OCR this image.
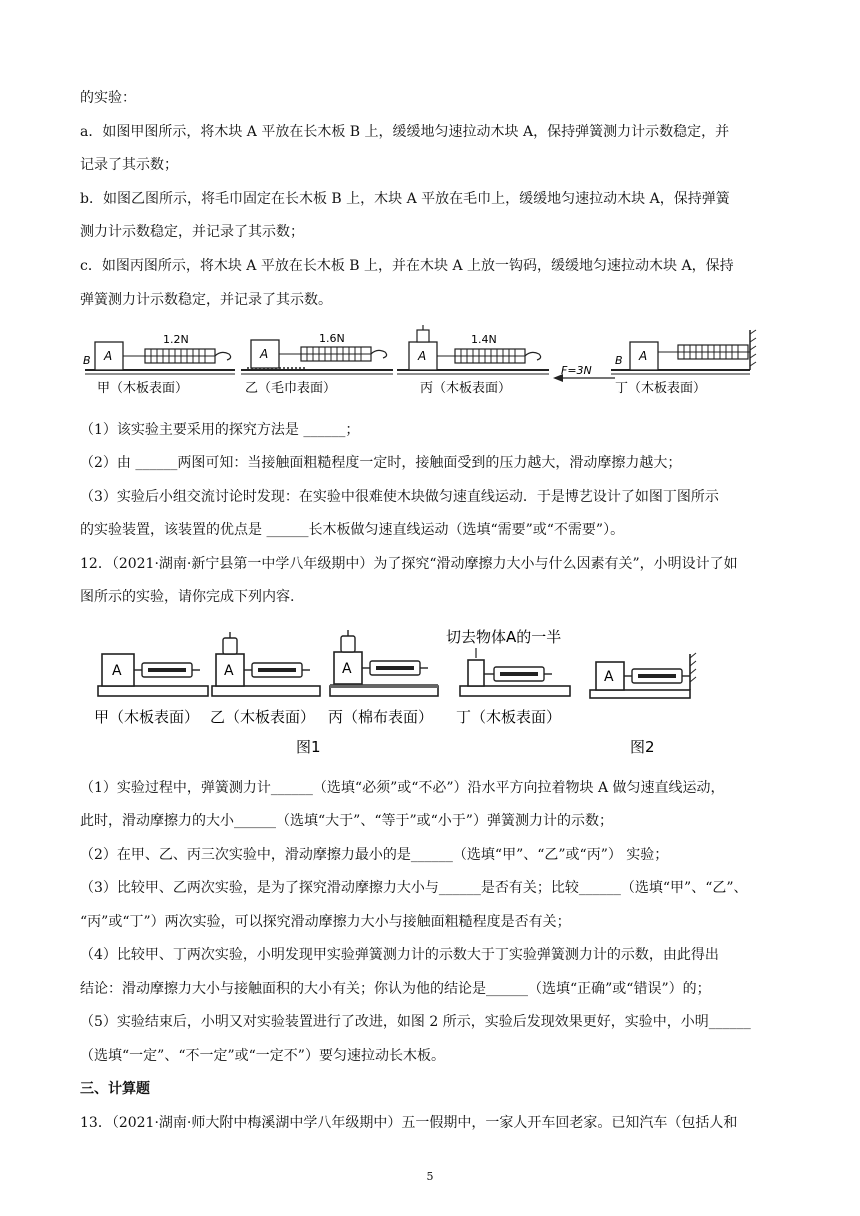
的实验：
a．如图甲图所示，将木块 A 平放在长木板 B 上，缓缓地匀速拉动木块 A，保持弹簧测力计示数稳定，并
记录了其示数；
b．如图乙图所示，将毛巾固定在长木板 B 上，木块 A 平放在毛巾上，缓缓地匀速拉动木块 A，保持弹簧
测力计示数稳定，并记录了其示数；
c．如图丙图所示，将木块 A 平放在长木板 B 上，并在木块 A 上放一钩码，缓缓地匀速拉动木块 A，保持
弹簧测力计示数稳定，并记录了其示数。
B A
1.2N
甲（木板表面）
A
1.6N
乙（毛巾表面）
A
1.4N
丙（木板表面）
B A
F=3N
丁（木板表面）
（1）该实验主要采用的探究方法是 ______；
（2）由 ______两图可知：当接触面粗糙程度一定时，接触面受到的压力越大，滑动摩擦力越大；
（3）实验后小组交流讨论时发现：在实验中很难使木块做匀速直线运动．于是博艺设计了如图丁图所示
的实验装置，该装置的优点是 ______长木板做匀速直线运动（选填“需要”或“不需要”）。
12．（2021·湖南·新宁县第一中学八年级期中）为了探究“滑动摩擦力大小与什么因素有关”，小明设计了如
图所示的实验，请你完成下列内容.
A
甲（木板表面）
A
乙（木板表面）
A
丙（棉布表面）
切去物体A的一半
丁（木板表面）
图1
A
图2
（1）实验过程中，弹簧测力计______（选填“必须”或“不必”）沿水平方向拉着物块 A 做匀速直线运动，
此时，滑动摩擦力的大小______（选填“大于”、“等于”或“小于”）弹簧测力计的示数；
（2）在甲、乙、丙三次实验中，滑动摩擦力最小的是______（选填“甲”、“乙”或“丙”） 实验；
（3）比较甲、乙两次实验，是为了探究滑动摩擦力大小与______是否有关；比较______（选填“甲”、“乙”、
“丙”或“丁”）两次实验，可以探究滑动摩擦力大小与接触面粗糙程度是否有关；
（4）比较甲、丁两次实验，小明发现甲实验弹簧测力计的示数大于丁实验弹簧测力计的示数，由此得出
结论：滑动摩擦力大小与接触面积的大小有关；你认为他的结论是______（选填“正确”或“错误”）的；
（5）实验结束后，小明又对实验装置进行了改进，如图 2 所示，实验后发现效果更好，实验中，小明______
（选填“一定”、“不一定”或“一定不”）要匀速拉动长木板。
三、计算题
13．（2021·湖南·师大附中梅溪湖中学八年级期中）五一假期中，一家人开车回老家。已知汽车（包括人和
5
